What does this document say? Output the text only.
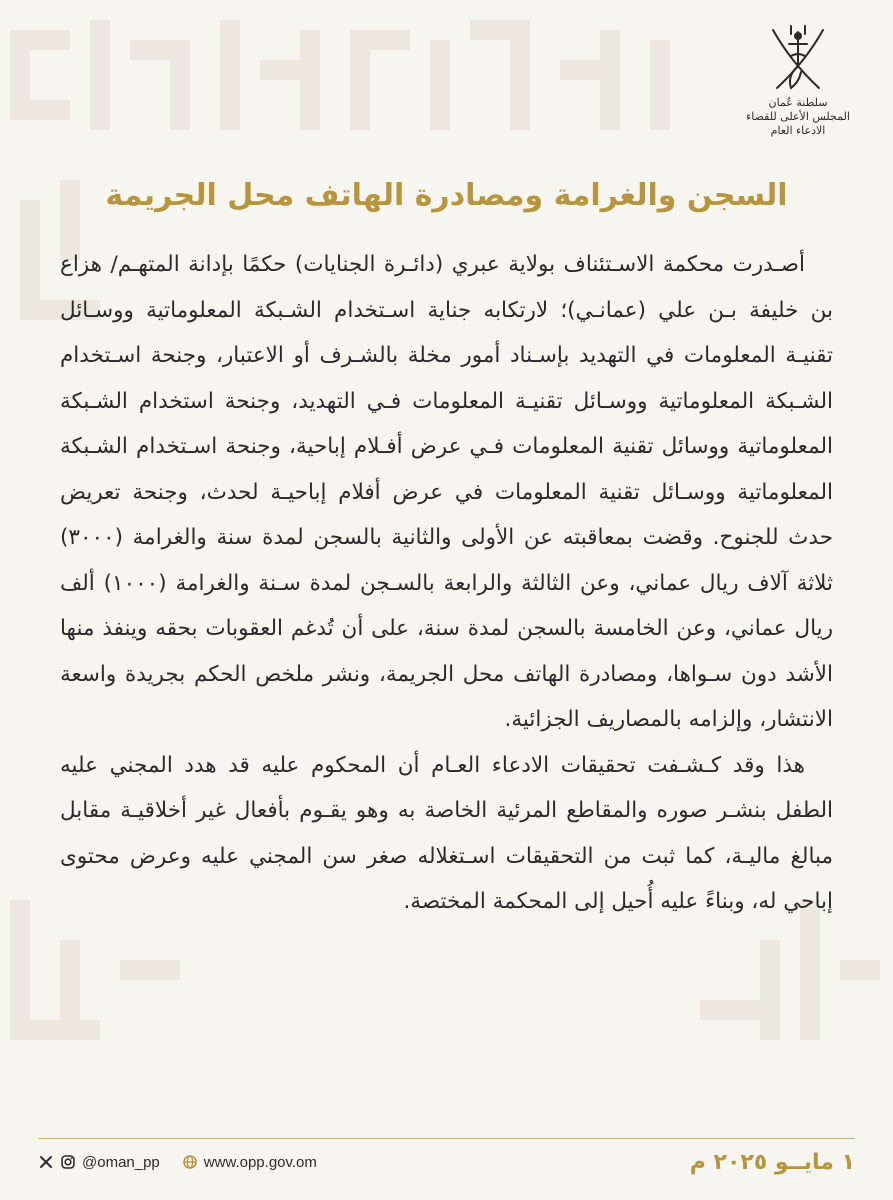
سلطنة عُمان
المجلس الأعلى للقضاء
الادعاء العام
السجن والغرامة ومصادرة الهاتف محل الجريمة

أصـدرت محكمة الاسـتئناف بولاية عبري (دائـرة الجنايات) حكمًا بإدانة المتهـم/ هزاع بن خليفة بـن علي (عمانـي)؛ لارتكابه جناية اسـتخدام الشـبكة المعلوماتية ووسـائل تقنيـة المعلومات في التهديد بإسـناد أمور مخلة بالشـرف أو الاعتبار، وجنحة اسـتخدام الشـبكة المعلوماتية ووسـائل تقنيـة المعلومات فـي التهديد، وجنحة استخدام الشـبكة المعلوماتية ووسائل تقنية المعلومات فـي عرض أفـلام إباحية، وجنحة اسـتخدام الشـبكة المعلوماتية ووسـائل تقنية المعلومات في عرض أفلام إباحيـة لحدث، وجنحة تعريض حدث للجنوح. وقضت بمعاقبته عن الأولى والثانية بالسجن لمدة سنة والغرامة (٣٠٠٠) ثلاثة آلاف ريال عماني، وعن الثالثة والرابعة بالسـجن لمدة سـنة والغرامة (١٠٠٠) ألف ريال عماني، وعن الخامسة بالسجن لمدة سنة، على أن تُدغم العقوبات بحقه وينفذ منها الأشد دون سـواها، ومصادرة الهاتف محل الجريمة، ونشر ملخص الحكم بجريدة واسعة الانتشار، وإلزامه بالمصاريف الجزائية.

هذا وقد كـشـفت تحقيقات الادعاء العـام أن المحكوم عليه قد هدد المجني عليه الطفل بنشـر صوره والمقاطع المرئية الخاصة به وهو يقـوم بأفعال غير أخلاقيـة مقابل مبالغ ماليـة، كما ثبت من التحقيقات اسـتغلاله صغر سن المجني عليه وعرض محتوى إباحي له، وبناءً عليه أُحيل إلى المحكمة المختصة.

@oman_pp	www.opp.gov.om	١ مايــو ٢٠٢٥ م
